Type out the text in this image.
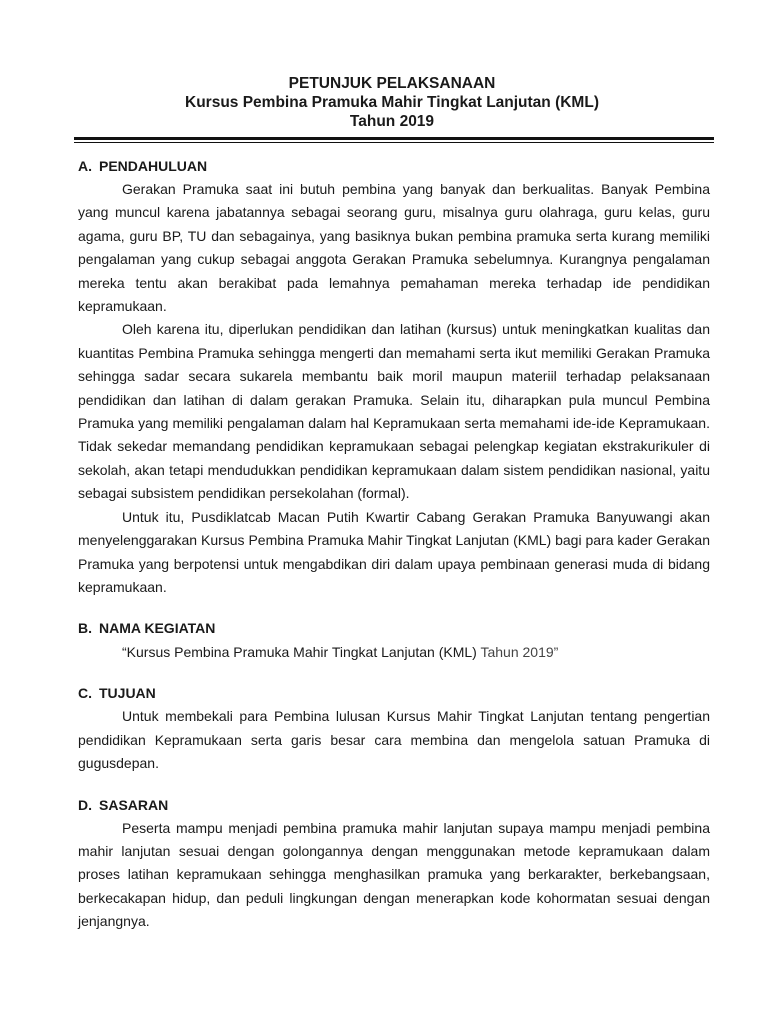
PETUNJUK PELAKSANAAN
Kursus Pembina Pramuka Mahir Tingkat Lanjutan (KML)
Tahun 2019
A. PENDAHULUAN

Gerakan Pramuka saat ini butuh pembina yang banyak dan berkualitas. Banyak Pembina yang muncul karena jabatannya sebagai seorang guru, misalnya guru olahraga, guru kelas, guru agama, guru BP, TU dan sebagainya, yang basiknya bukan pembina pramuka serta kurang memiliki pengalaman yang cukup sebagai anggota Gerakan Pramuka sebelumnya. Kurangnya pengalaman mereka tentu akan berakibat pada lemahnya pemahaman mereka terhadap ide pendidikan kepramukaan.

Oleh karena itu, diperlukan pendidikan dan latihan (kursus) untuk meningkatkan kualitas dan kuantitas Pembina Pramuka sehingga mengerti dan memahami serta ikut memiliki Gerakan Pramuka sehingga sadar secara sukarela membantu baik moril maupun materiil terhadap pelaksanaan pendidikan dan latihan di dalam gerakan Pramuka. Selain itu, diharapkan pula muncul Pembina Pramuka yang memiliki pengalaman dalam hal Kepramukaan serta memahami ide-ide Kepramukaan. Tidak sekedar memandang pendidikan kepramukaan sebagai pelengkap kegiatan ekstrakurikuler di sekolah, akan tetapi mendudukkan pendidikan kepramukaan dalam sistem pendidikan nasional, yaitu sebagai subsistem pendidikan persekolahan (formal).

Untuk itu, Pusdiklatcab Macan Putih Kwartir Cabang Gerakan Pramuka Banyuwangi akan menyelenggarakan Kursus Pembina Pramuka Mahir Tingkat Lanjutan (KML) bagi para kader Gerakan Pramuka yang berpotensi untuk mengabdikan diri dalam upaya pembinaan generasi muda di bidang kepramukaan.

B. NAMA KEGIATAN

“Kursus Pembina Pramuka Mahir Tingkat Lanjutan (KML) Tahun 2019”

C. TUJUAN

Untuk membekali para Pembina lulusan Kursus Mahir Tingkat Lanjutan tentang pengertian pendidikan Kepramukaan serta garis besar cara membina dan mengelola satuan Pramuka di gugusdepan.

D. SASARAN

Peserta mampu menjadi pembina pramuka mahir lanjutan supaya mampu menjadi pembina mahir lanjutan sesuai dengan golongannya dengan menggunakan metode kepramukaan dalam proses latihan kepramukaan sehingga menghasilkan pramuka yang berkarakter, berkebangsaan, berkecakapan hidup, dan peduli lingkungan dengan menerapkan kode kohormatan sesuai dengan jenjangnya.
